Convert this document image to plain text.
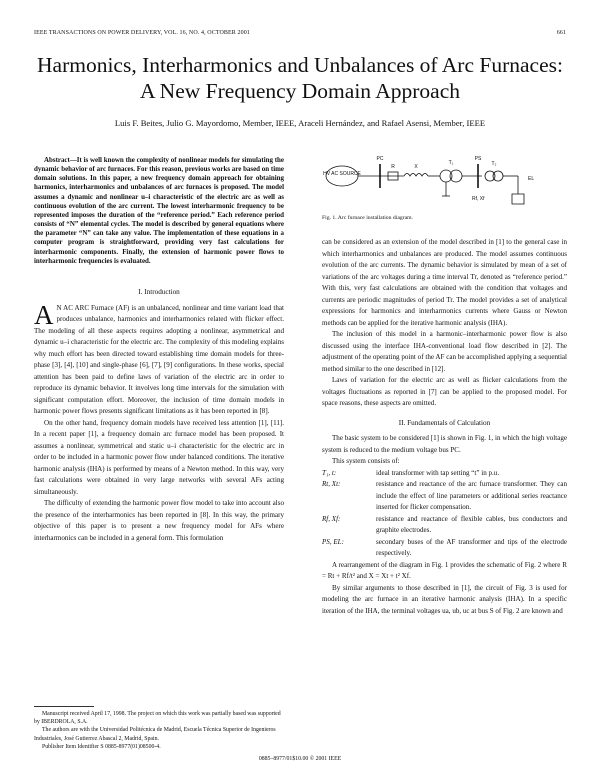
IEEE TRANSACTIONS ON POWER DELIVERY, VOL. 16, NO. 4, OCTOBER 2001	661
Harmonics, Interharmonics and Unbalances of Arc Furnaces: A New Frequency Domain Approach
Luis F. Beites, Julio G. Mayordomo, Member, IEEE, Araceli Hernández, and Rafael Asensi, Member, IEEE

Abstract—It is well known the complexity of nonlinear models for simulating the dynamic behavior of arc furnaces. For this reason, previous works are based on time domain solutions. In this paper, a new frequency domain approach for obtaining harmonics, interharmonics and unbalances of arc furnaces is proposed. The model assumes a dynamic and nonlinear u–i characteristic of the electric arc as well as continuous evolution of the arc current. The lowest interharmonic frequency to be represented imposes the duration of the “reference period.” Each reference period consists of “N” elemental cycles. The model is described by general equations where the parameter “N” can take any value. The implementation of these equations in a computer program is straightforward, providing very fast calculations for interharmonic components. Finally, the extension of harmonic power flows to interharmonic frequencies is evaluated.

I. Introduction

A N AC ARC Furnace (AF) is an unbalanced, nonlinear and time variant load that produces unbalance, harmonics and interharmonics related with flicker effect. The modeling of all these aspects requires adopting a nonlinear, asymmetrical and dynamic u–i characteristic for the electric arc. The complexity of this modeling explains why much effort has been directed toward establishing time domain models for three-phase [3], [4], [10] and single-phase [6], [7], [9] configurations. In these works, special attention has been paid to define laws of variation of the electric arc in order to reproduce its dynamic behavior. It involves long time intervals for the simulation with significant computation effort. Moreover, the inclusion of time domain models in harmonic power flows presents significant limitations as it has been reported in [8].

On the other hand, frequency domain models have received less attention [1], [11]. In a recent paper [1], a frequency domain arc furnace model has been proposed. It assumes a nonlinear, symmetrical and static u–i characteristic for the electric arc in order to be included in a harmonic power flow under balanced conditions. The iterative harmonic analysis (IHA) is performed by means of a Newton method. In this way, very fast calculations were obtained in very large networks with several AFs acting simultaneously.

The difficulty of extending the harmonic power flow model to take into account also the presence of the interharmonics has been reported in [8]. In this way, the primary objective of this paper is to present a new frequency model for AFs where interharmonics can be included in a general form. This formulation

Manuscript received April 17, 1998. The project on which this work was partially based was supported by IBERDROLA, S.A.

The authors are with the Universidad Politécnica de Madrid, Escuela Técnica Superior de Ingenieros Industriales, José Gutierrez Abascal 2, Madrid, Spain.

Publisher Item Identifier S 0885-8977(01)08500-4.

HV AC SOURCE
PC
R	X
T₁
PS
T₂
EL
Rf, Xf
Fig. 1. Arc furnace installation diagram.

can be considered as an extension of the model described in [1] to the general case in which interharmonics and unbalances are produced. The model assumes continuous evolution of the arc currents. The dynamic behavior is simulated by mean of a set of variations of the arc voltages during a time interval Tr, denoted as “reference period.” With this, very fast calculations are obtained with the condition that voltages and currents are periodic magnitudes of period Tr. The model provides a set of analytical expressions for harmonics and interharmonics currents where Gauss or Newton methods can be applied for the iterative harmonic analysis (IHA).

The inclusion of this model in a harmonic–interharmonic power flow is also discussed using the interface IHA-conventional load flow described in [2]. The adjustment of the operating point of the AF can be accomplished applying a sequential method similar to the one described in [12].

Laws of variation for the electric arc as well as flicker calculations from the voltages fluctuations as reported in [7] can be applied to the proposed model. For space reasons, these aspects are omitted.

II. Fundamentals of Calculation

The basic system to be considered [1] is shown in Fig. 1, in which the high voltage system is reduced to the medium voltage bus PC.

This system consists of:

T₁, t:	ideal transformer with tap setting “t” in p.u.
Rt, Xt:	resistance and reactance of the arc furnace transformer. They can include the effect of line parameters or additional series reactance inserted for flicker compensation.
Rf, Xf:	resistance and reactance of flexible cables, bus conductors and graphite electrodes.
PS, EL:	secondary buses of the AF transformer and tips of the electrode respectively.

A rearrangement of the diagram in Fig. 1 provides the schematic of Fig. 2 where R = Rt + Rf/t² and X = Xt + t² Xf.

By similar arguments to those described in [1], the circuit of Fig. 3 is used for modeling the arc furnace in an iterative harmonic analysis (IHA). In a specific iteration of the IHA, the terminal voltages ua, ub, uc at bus S of Fig. 2 are known and

0885–8977/01$10.00 © 2001 IEEE
